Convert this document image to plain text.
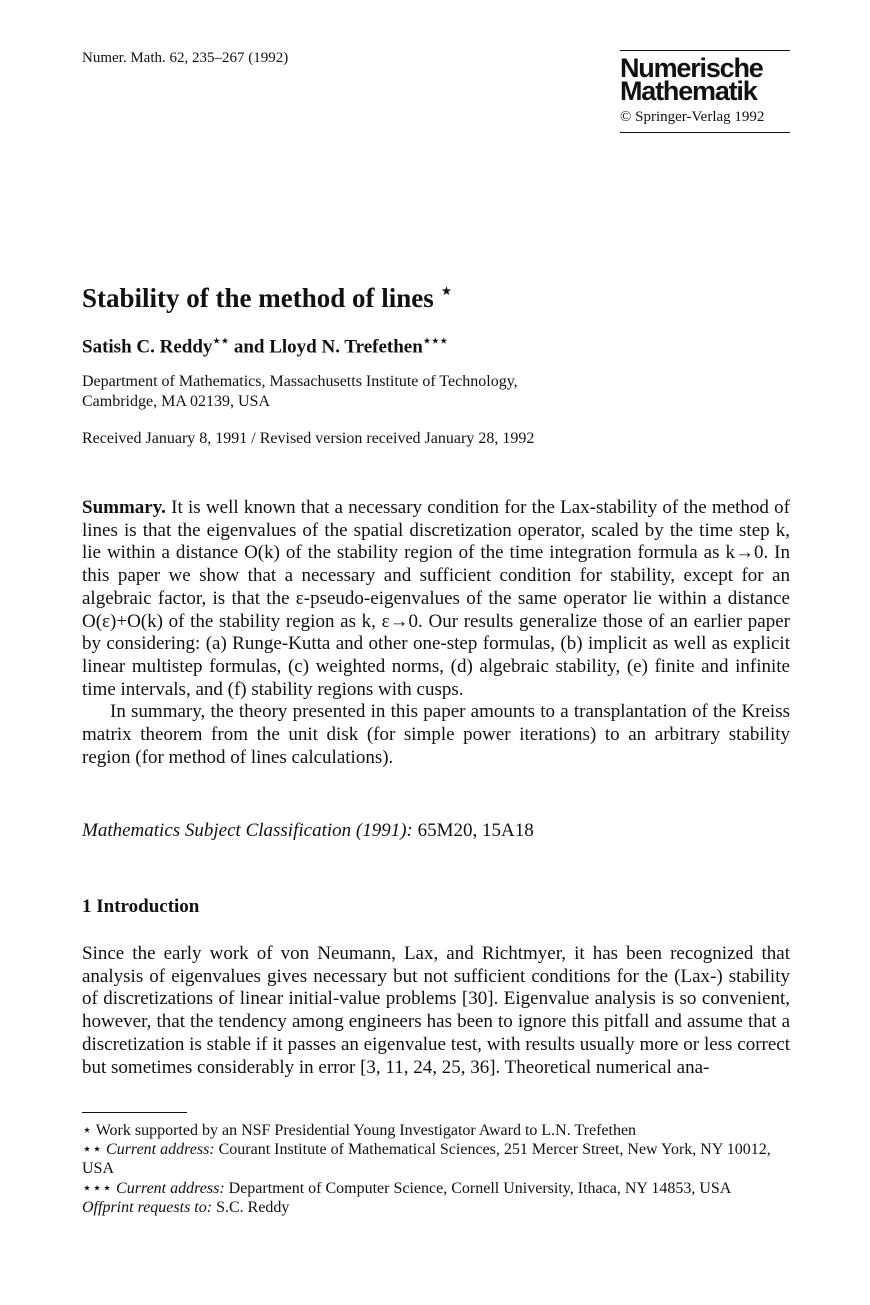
Numer. Math. 62, 235–267 (1992)	Numerische
Mathematik
© Springer-Verlag 1992
Stability of the method of lines ⋆
Satish C. Reddy⋆⋆ and Lloyd N. Trefethen⋆⋆⋆
Department of Mathematics, Massachusetts Institute of Technology,
Cambridge, MA 02139, USA
Received January 8, 1991 / Revised version received January 28, 1992

Summary. It is well known that a necessary condition for the Lax-stability of the method of lines is that the eigenvalues of the spatial discretization operator, scaled by the time step k, lie within a distance O(k) of the stability region of the time integration formula as k→0. In this paper we show that a necessary and sufficient condition for stability, except for an algebraic factor, is that the ε-pseudo-eigenvalues of the same operator lie within a distance O(ε)+O(k) of the stability region as k, ε→0. Our results generalize those of an earlier paper by considering: (a) Runge-Kutta and other one-step formulas, (b) implicit as well as explicit linear multistep formulas, (c) weighted norms, (d) algebraic stability, (e) finite and infinite time intervals, and (f) stability regions with cusps.

In summary, the theory presented in this paper amounts to a transplantation of the Kreiss matrix theorem from the unit disk (for simple power iterations) to an arbitrary stability region (for method of lines calculations).

Mathematics Subject Classification (1991): 65M20, 15A18
1 Introduction
Since the early work of von Neumann, Lax, and Richtmyer, it has been recognized that analysis of eigenvalues gives necessary but not sufficient conditions for the (Lax-) stability of discretizations of linear initial-value problems [30]. Eigenvalue analysis is so convenient, however, that the tendency among engineers has been to ignore this pitfall and assume that a discretization is stable if it passes an eigenvalue test, with results usually more or less correct but sometimes considerably in error [3, 11, 24, 25, 36]. Theoretical numerical ana-
⋆ Work supported by an NSF Presidential Young Investigator Award to L.N. Trefethen
⋆⋆ Current address: Courant Institute of Mathematical Sciences, 251 Mercer Street, New York, NY 10012, USA
⋆⋆⋆ Current address: Department of Computer Science, Cornell University, Ithaca, NY 14853, USA
Offprint requests to: S.C. Reddy
